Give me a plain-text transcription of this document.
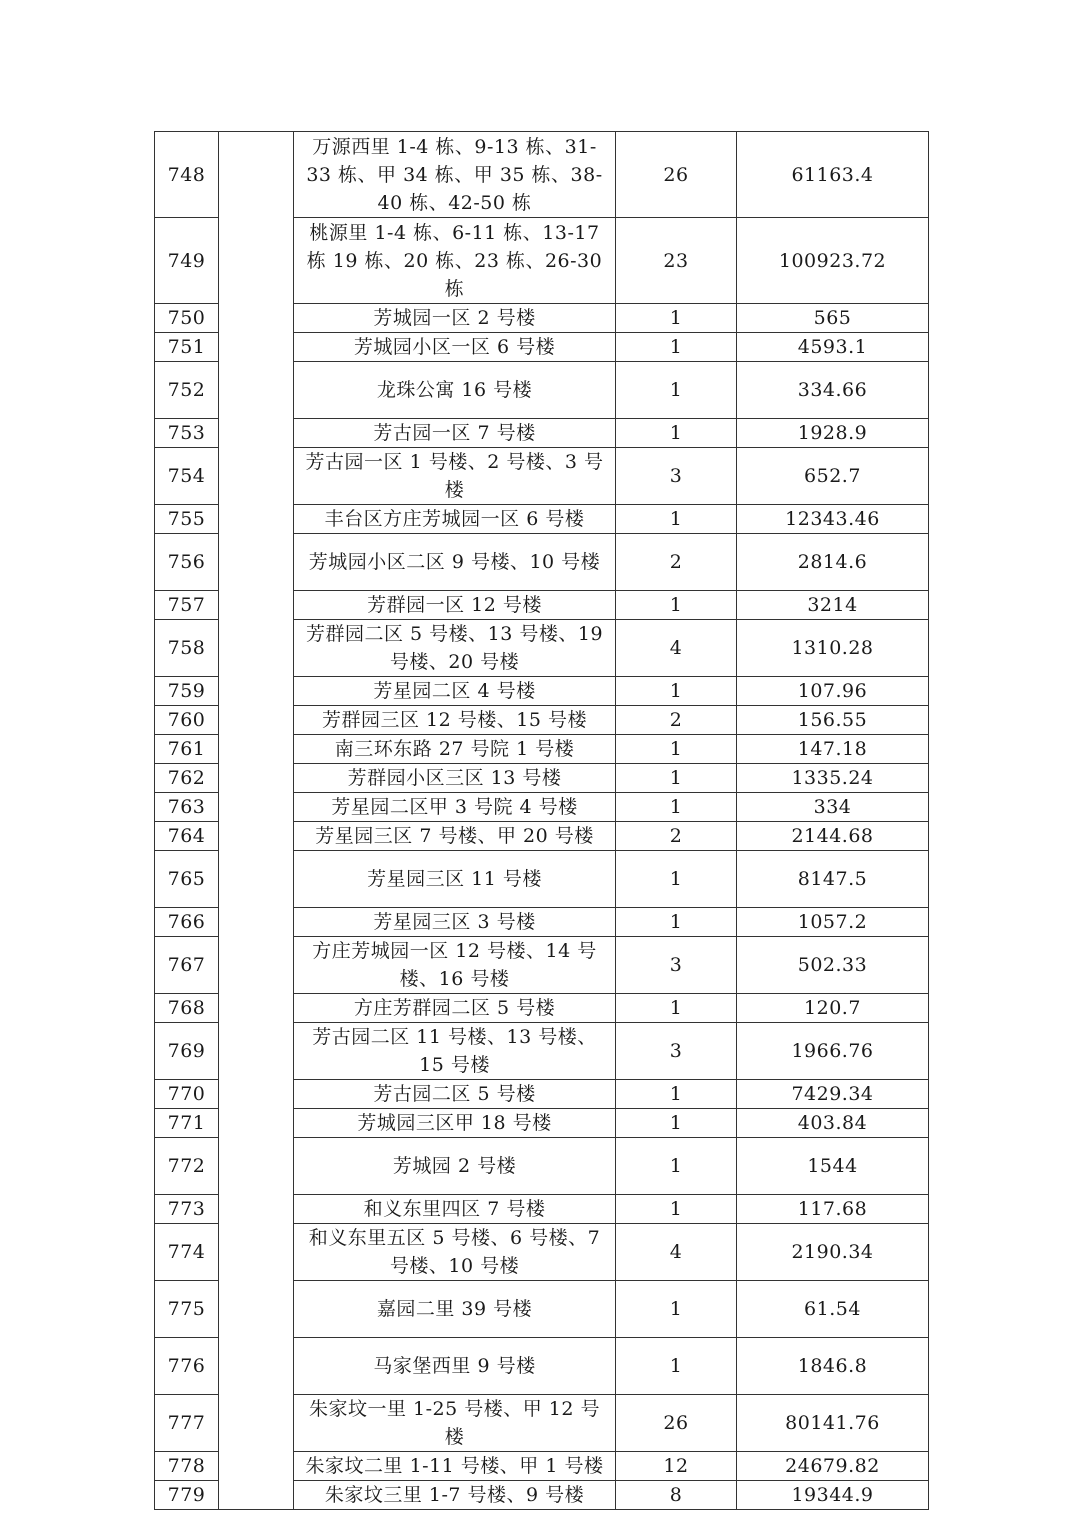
748		万源西里 1-4 栋、9-13 栋、31-33 栋、甲 34 栋、甲 35 栋、38-40 栋、42-50 栋	26	61163.4
749		桃源里 1-4 栋、6-11 栋、13-17 栋 19 栋、20 栋、23 栋、26-30 栋	23	100923.72
750		芳城园一区 2 号楼	1	565
751		芳城园小区一区 6 号楼	1	4593.1
752		龙珠公寓 16 号楼	1	334.66
753		芳古园一区 7 号楼	1	1928.9
754		芳古园一区 1 号楼、2 号楼、3 号楼	3	652.7
755		丰台区方庄芳城园一区 6 号楼	1	12343.46
756		芳城园小区二区 9 号楼、10 号楼	2	2814.6
757		芳群园一区 12 号楼	1	3214
758		芳群园二区 5 号楼、13 号楼、19 号楼、20 号楼	4	1310.28
759		芳星园二区 4 号楼	1	107.96
760		芳群园三区 12 号楼、15 号楼	2	156.55
761		南三环东路 27 号院 1 号楼	1	147.18
762		芳群园小区三区 13 号楼	1	1335.24
763		芳星园二区甲 3 号院 4 号楼	1	334
764		芳星园三区 7 号楼、甲 20 号楼	2	2144.68
765		芳星园三区 11 号楼	1	8147.5
766		芳星园三区 3 号楼	1	1057.2
767		方庄芳城园一区 12 号楼、14 号楼、16 号楼	3	502.33
768		方庄芳群园二区 5 号楼	1	120.7
769		芳古园二区 11 号楼、13 号楼、15 号楼	3	1966.76
770		芳古园二区 5 号楼	1	7429.34
771		芳城园三区甲 18 号楼	1	403.84
772		芳城园 2 号楼	1	1544
773		和义东里四区 7 号楼	1	117.68
774		和义东里五区 5 号楼、6 号楼、7 号楼、10 号楼	4	2190.34
775		嘉园二里 39 号楼	1	61.54
776		马家堡西里 9 号楼	1	1846.8
777		朱家坟一里 1-25 号楼、甲 12 号楼	26	80141.76
778		朱家坟二里 1-11 号楼、甲 1 号楼	12	24679.82
779		朱家坟三里 1-7 号楼、9 号楼	8	19344.9
